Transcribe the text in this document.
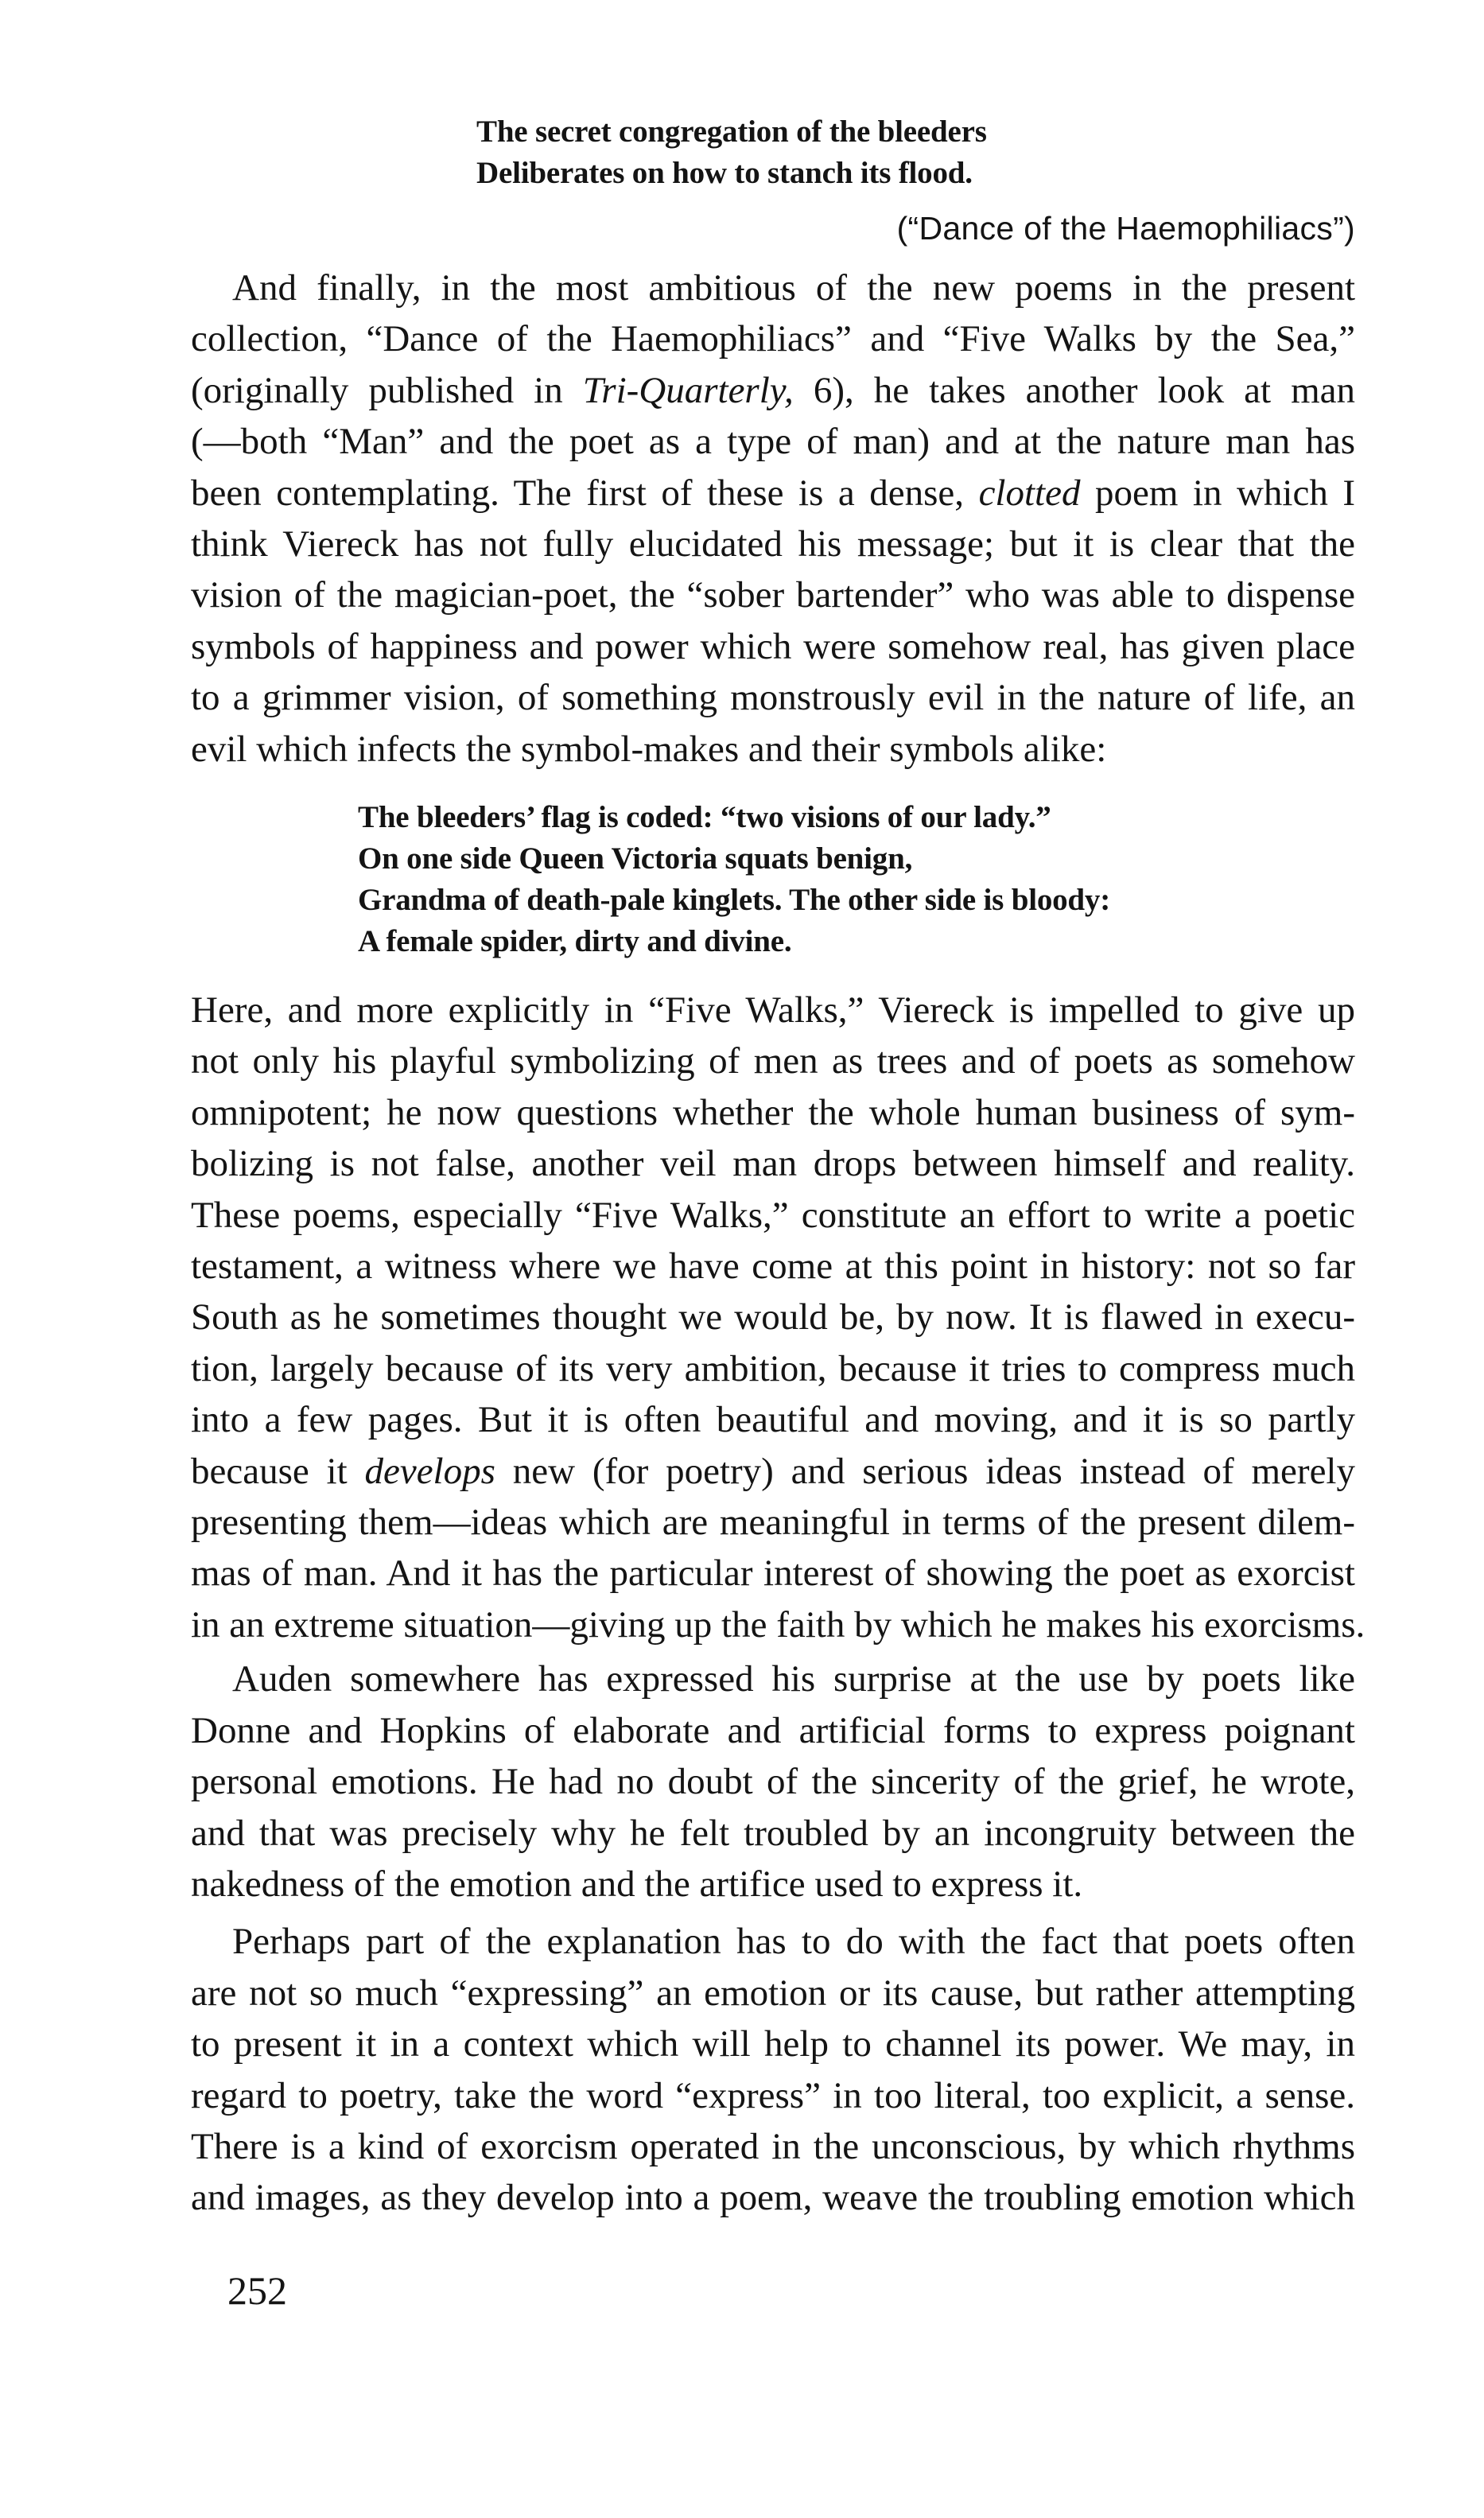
The secret congregation of the bleeders
Deliberates on how to stanch its flood.
(“Dance of the Haemophiliacs”)

And finally, in the most ambitious of the new poems in the present
collection, “Dance of the Haemophiliacs” and “Five Walks by the Sea,”
(originally published in Tri-Quarterly, 6), he takes another look at man
(—both “Man” and the poet as a type of man) and at the nature man has
been contemplating. The first of these is a dense, clotted poem in which I
think Viereck has not fully elucidated his message; but it is clear that the
vision of the magician-poet, the “sober bartender” who was able to dispense
symbols of happiness and power which were somehow real, has given place
to a grimmer vision, of something monstrously evil in the nature of life, an
evil which infects the symbol-makes and their symbols alike:

The bleeders’ flag is coded: “two visions of our lady.”
On one side Queen Victoria squats benign,
Grandma of death-pale kinglets. The other side is bloody:
A female spider, dirty and divine.

Here, and more explicitly in “Five Walks,” Viereck is impelled to give up
not only his playful symbolizing of men as trees and of poets as somehow
omnipotent; he now questions whether the whole human business of sym-
bolizing is not false, another veil man drops between himself and reality.
These poems, especially “Five Walks,” constitute an effort to write a poetic
testament, a witness where we have come at this point in history: not so far
South as he sometimes thought we would be, by now. It is flawed in execu-
tion, largely because of its very ambition, because it tries to compress much
into a few pages. But it is often beautiful and moving, and it is so partly
because it develops new (for poetry) and serious ideas instead of merely
presenting them—ideas which are meaningful in terms of the present dilem-
mas of man. And it has the particular interest of showing the poet as exorcist
in an extreme situation—giving up the faith by which he makes his exorcisms.

Auden somewhere has expressed his surprise at the use by poets like
Donne and Hopkins of elaborate and artificial forms to express poignant
personal emotions. He had no doubt of the sincerity of the grief, he wrote,
and that was precisely why he felt troubled by an incongruity between the
nakedness of the emotion and the artifice used to express it.

Perhaps part of the explanation has to do with the fact that poets often
are not so much “expressing” an emotion or its cause, but rather attempting
to present it in a context which will help to channel its power. We may, in
regard to poetry, take the word “express” in too literal, too explicit, a sense.
There is a kind of exorcism operated in the unconscious, by which rhythms
and images, as they develop into a poem, weave the troubling emotion which

252
